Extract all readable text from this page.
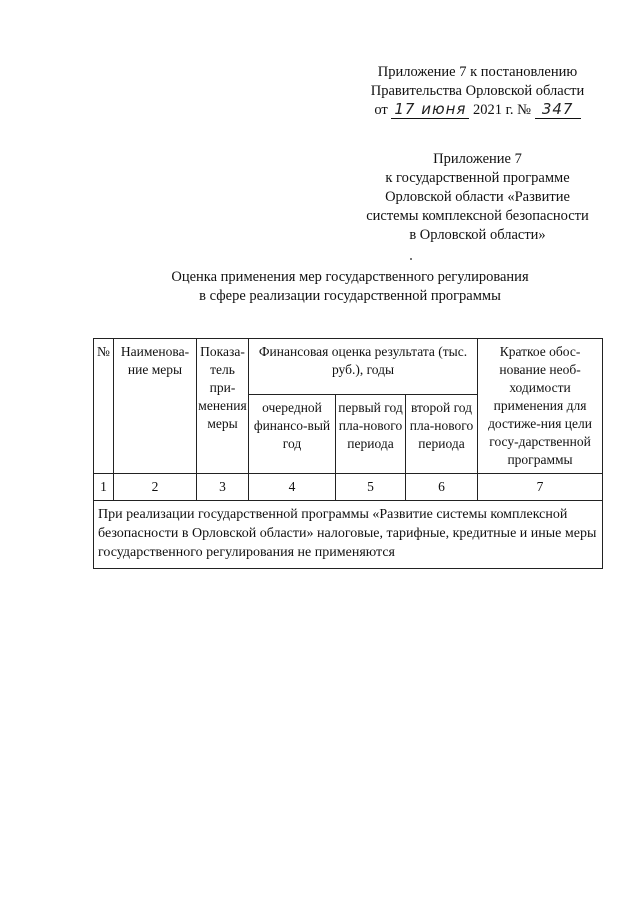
Приложение 7 к постановлению
Правительства Орловской области
от 17 июня 2021 г. № 347
Приложение 7
к государственной программе
Орловской области «Развитие
системы комплексной безопасности
в Орловской области»
Оценка применения мер государственного регулирования
в сфере реализации государственной программы
№	Наименова-ние меры	Показа-тель при-менения меры	Финансовая оценка результата (тыс. руб.), годы			Краткое обос-нование необ-ходимости применения для достиже-ния цели госу-дарственной программы
			очередной финансо-вый год	первый год пла-нового периода	второй год пла-нового периода	
1	2	3	4	5	6	7
При реализации государственной программы «Развитие системы комплексной безопасности в Орловской области» налоговые, тарифные, кредитные и иные меры государственного регулирования не применяются						
